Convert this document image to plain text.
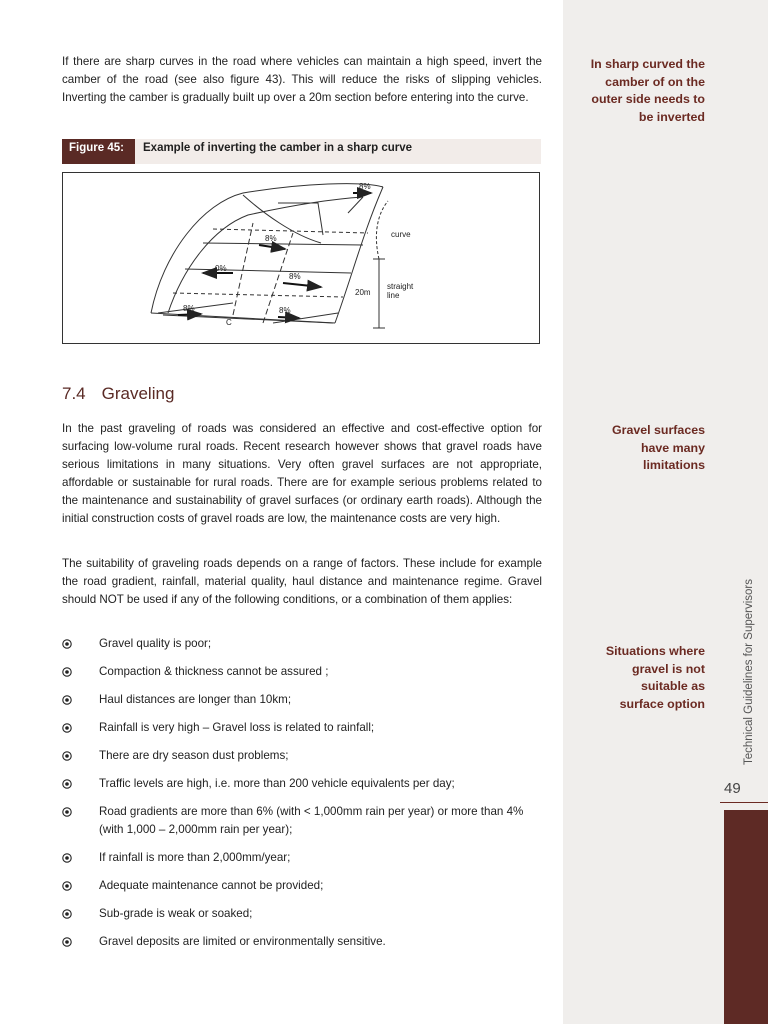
If there are sharp curves in the road where vehicles can maintain a high speed, invert the camber of the road (see also figure 43). This will reduce the risks of slipping vehicles. Inverting the camber is gradually built up over a 20m section before entering into the curve.

Figure 45:	Example of inverting the camber in a sharp curve
8%
8%
0%
8%
8%	8%
C
curve
20m
straight
line
7.4 Graveling

In the past graveling of roads was considered an effective and cost-effective option for surfacing low-volume rural roads. Recent research however shows that gravel roads have serious limitations in many situations. Very often gravel surfaces are not appropriate, affordable or sustainable for rural roads. There are for example serious problems related to the maintenance and sustainability of gravel surfaces (or ordinary earth roads). Although the initial construction costs of gravel roads are low, the maintenance costs are very high.

The suitability of graveling roads depends on a range of factors. These include for example the road gradient, rainfall, material quality, haul distance and maintenance regime. Gravel should NOT be used if any of the following conditions, or a combination of them applies:

Gravel quality is poor;
Compaction & thickness cannot be assured ;
Haul distances are longer than 10km;
Rainfall is very high – Gravel loss is related to rainfall;
There are dry season dust problems;
Traffic levels are high, i.e. more than 200 vehicle equivalents per day;
Road gradients are more than 6% (with < 1,000mm rain per year) or more than 4% (with 1,000 – 2,000mm rain per year);
If rainfall is more than 2,000mm/year;
Adequate maintenance cannot be provided;
Sub-grade is weak or soaked;
Gravel deposits are limited or environmentally sensitive.
In sharp curved the camber of on the outer side needs to be inverted
Gravel surfaces have many limitations
Situations where gravel is not suitable as surface option	Technical Guidelines for Supervisors
49
